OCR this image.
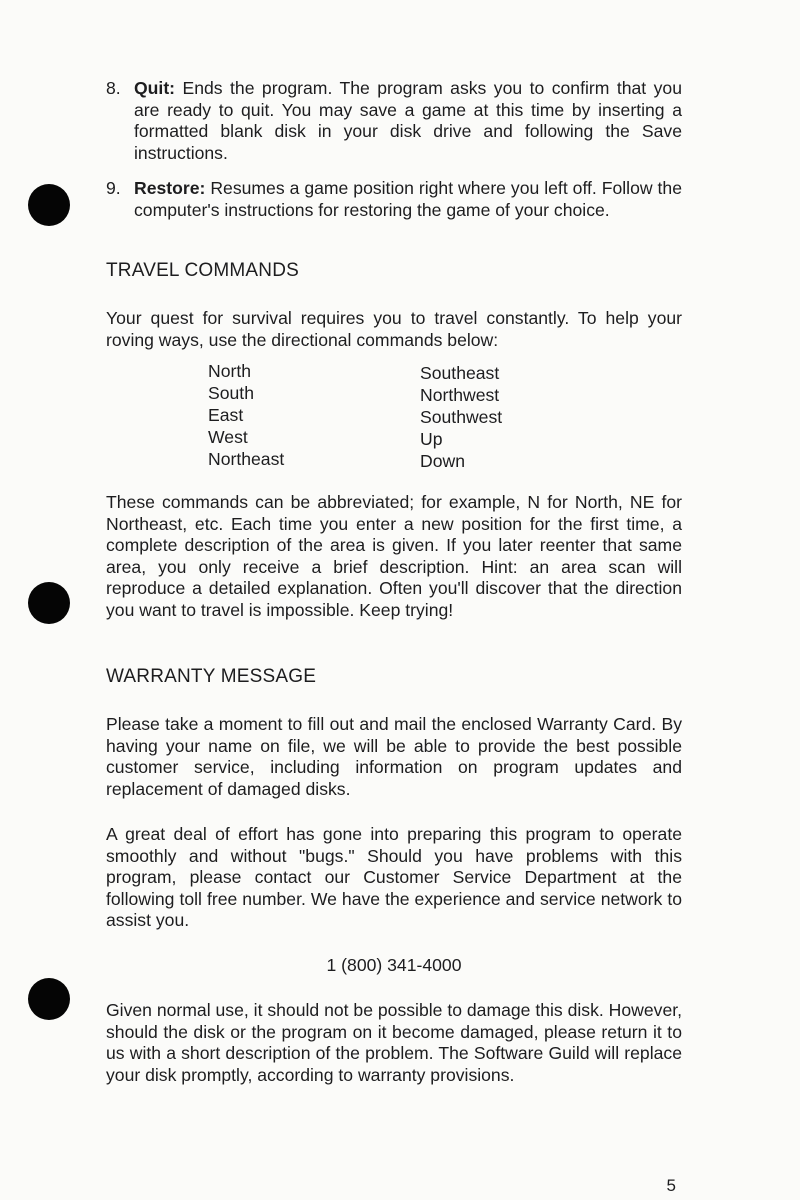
8. Quit: Ends the program. The program asks you to confirm that you are ready to quit. You may save a game at this time by inserting a formatted blank disk in your disk drive and following the Save instructions.
9. Restore: Resumes a game position right where you left off. Follow the computer's instructions for restoring the game of your choice.
TRAVEL COMMANDS
Your quest for survival requires you to travel constantly. To help your roving ways, use the directional commands below:
North
South
East
West
Northeast
Southeast
Northwest
Southwest
Up
Down
These commands can be abbreviated; for example, N for North, NE for Northeast, etc. Each time you enter a new position for the first time, a complete description of the area is given. If you later reenter that same area, you only receive a brief description. Hint: an area scan will reproduce a detailed explanation. Often you'll discover that the direction you want to travel is impossible. Keep trying!
WARRANTY MESSAGE
Please take a moment to fill out and mail the enclosed Warranty Card. By having your name on file, we will be able to provide the best possible customer service, including information on program updates and replacement of damaged disks.
A great deal of effort has gone into preparing this program to operate smoothly and without "bugs." Should you have problems with this program, please contact our Customer Service Department at the following toll free number. We have the experience and service network to assist you.
1 (800) 341-4000
Given normal use, it should not be possible to damage this disk. However, should the disk or the program on it become damaged, please return it to us with a short description of the problem. The Software Guild will replace your disk promptly, according to warranty provisions.
5
